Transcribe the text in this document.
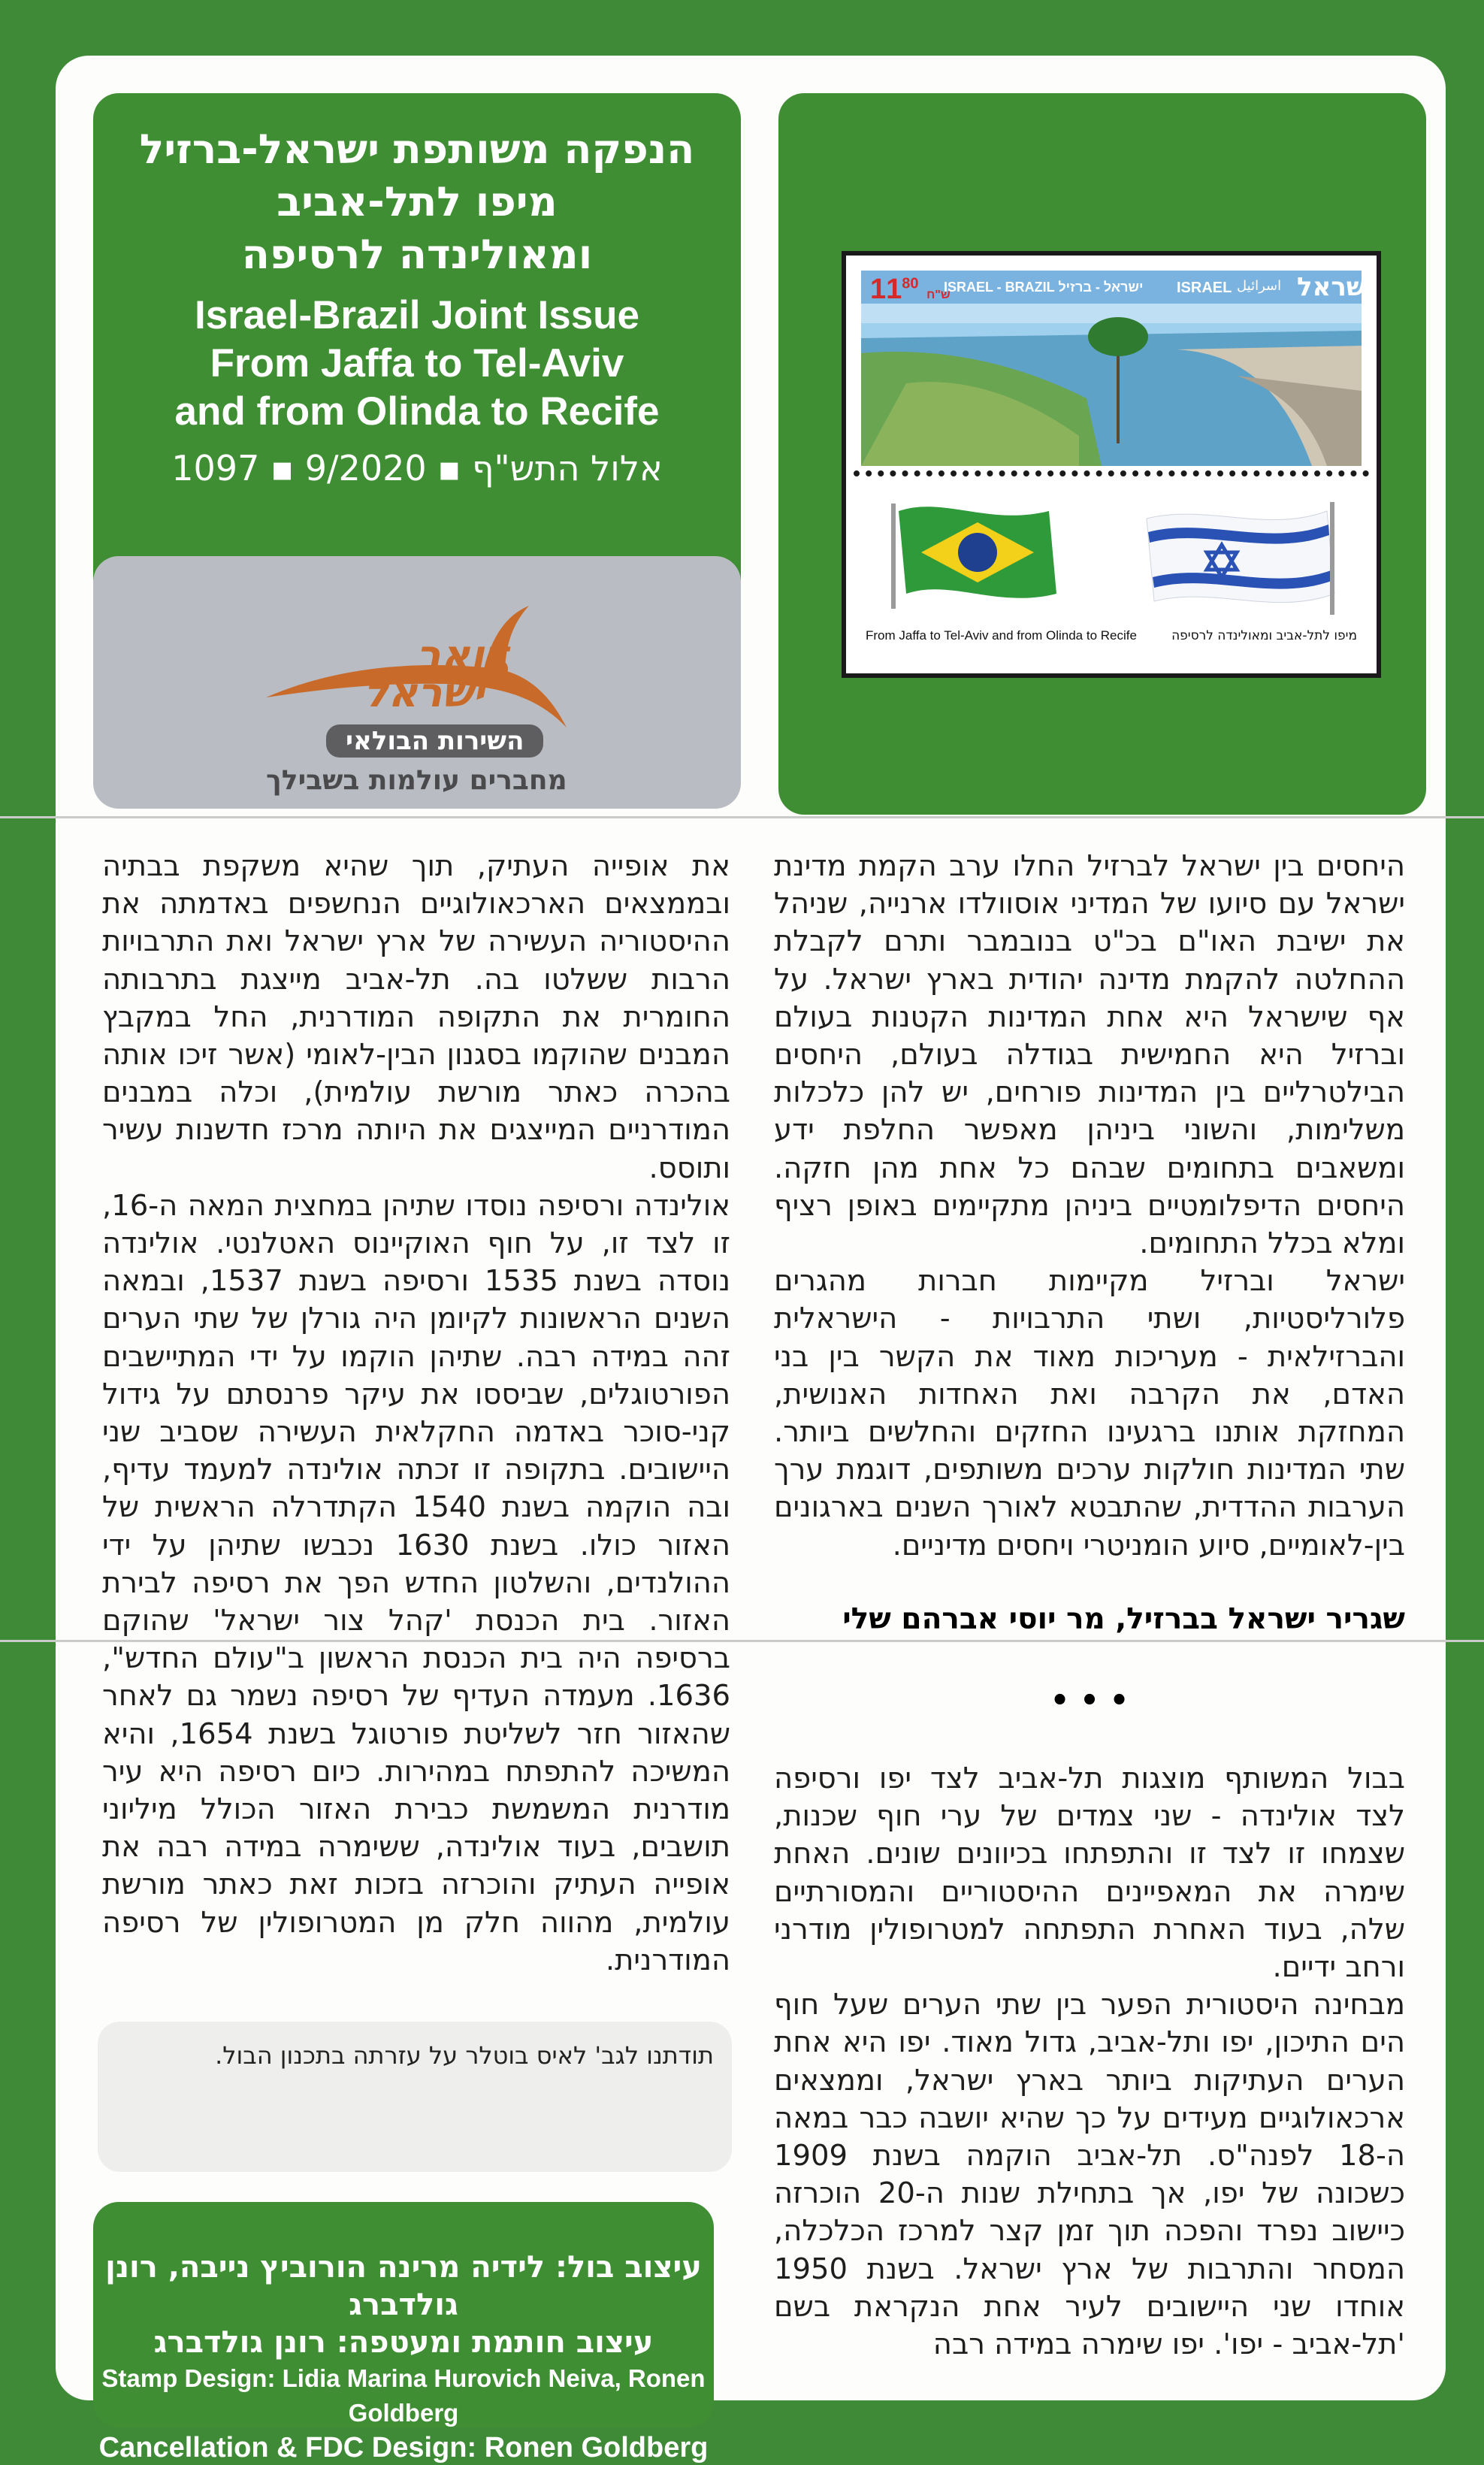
הנפקה משותפת ישראל-ברזיל
מיפו לתל-אביב
ומאולינדה לרסיפה
Israel-Brazil Joint Issue
From Jaffa to Tel-Aviv
and from Olinda to Recife
1097 ▪ 9/2020 ▪ אלול התש"ף
דואר
ישראל
השירות הבולאי
מחברים עולמות בשבילך
$11^{80}$ ש"ח
ISRAEL - BRAZIL ישראל - ברזיל ISRAEL اسرائيل ישראל
From Jaffa to Tel-Aviv and from Olinda to Recife	מיפו לתל-אביב ומאולינדה לרסיפה

היחסים בין ישראל לברזיל החלו ערב הקמת מדינת ישראל עם סיועו של המדיני אוסוולדו ארנייה, שניהל את ישיבת האו"ם בכ"ט בנובמבר ותרם לקבלת ההחלטה להקמת מדינה יהודית בארץ ישראל. על אף שישראל היא אחת המדינות הקטנות בעולם וברזיל היא החמישית בגודלה בעולם, היחסים הבילטרליים בין המדינות פורחים, יש להן כלכלות משלימות, והשוני ביניהן מאפשר החלפת ידע ומשאבים בתחומים שבהם כל אחת מהן חזקה. היחסים הדיפלומטיים ביניהן מתקיימים באופן רציף ומלא בכלל התחומים.

ישראל וברזיל מקיימות חברות מהגרים פלורליסטיות, ושתי התרבויות - הישראלית והברזילאית - מעריכות מאוד את הקשר בין בני האדם, את הקרבה ואת האחדות האנושית, המחזקת אותנו ברגעינו החזקים והחלשים ביותר. שתי המדינות חולקות ערכים משותפים, דוגמת ערך הערבות ההדדית, שהתבטא לאורך השנים בארגונים בין-לאומיים, סיוע הומניטרי ויחסים מדיניים.

שגריר ישראל בברזיל, מר יוסי אברהם שלי
• • •

בבול המשותף מוצגות תל-אביב לצד יפו ורסיפה לצד אולינדה - שני צמדים של ערי חוף שכנות, שצמחו זו לצד זו והתפתחו בכיוונים שונים. האחת שימרה את המאפיינים ההיסטוריים והמסורתיים שלה, בעוד האחרת התפתחה למטרופולין מודרני ורחב ידיים.

מבחינה היסטורית הפער בין שתי הערים שעל חוף הים התיכון, יפו ותל-אביב, גדול מאוד. יפו היא אחת הערים העתיקות ביותר בארץ ישראל, וממצאים ארכאולוגיים מעידים על כך שהיא יושבה כבר במאה ה-18 לפנה"ס. תל-אביב הוקמה בשנת 1909 כשכונה של יפו, אך בתחילת שנות ה-20 הוכרזה כיישוב נפרד והפכה תוך זמן קצר למרכז הכלכלה, המסחר והתרבות של ארץ ישראל. בשנת 1950 אוחדו שני היישובים לעיר אחת הנקראת בשם 'תל-אביב - יפו'. יפו שימרה במידה רבה

את אופייה העתיק, תוך שהיא משקפת בבתיה ובממצאים הארכאולוגיים הנחשפים באדמתה את ההיסטוריה העשירה של ארץ ישראל ואת התרבויות הרבות ששלטו בה. תל-אביב מייצגת בתרבותה החומרית את התקופה המודרנית, החל במקבץ המבנים שהוקמו בסגנון הבין-לאומי (אשר זיכו אותה בהכרה כאתר מורשת עולמית), וכלה במבנים המודרניים המייצגים את היותה מרכז חדשנות עשיר ותוסס.

אולינדה ורסיפה נוסדו שתיהן במחצית המאה ה-16, זו לצד זו, על חוף האוקיינוס האטלנטי. אולינדה נוסדה בשנת 1535 ורסיפה בשנת 1537, ובמאה השנים הראשונות לקיומן היה גורלן של שתי הערים זהה במידה רבה. שתיהן הוקמו על ידי המתיישבים הפורטוגלים, שביססו את עיקר פרנסתם על גידול קני-סוכר באדמה החקלאית העשירה שסביב שני היישובים. בתקופה זו זכתה אולינדה למעמד עדיף, ובה הוקמה בשנת 1540 הקתדרלה הראשית של האזור כולו. בשנת 1630 נכבשו שתיהן על ידי ההולנדים, והשלטון החדש הפך את רסיפה לבירת האזור. בית הכנסת 'קהל צור ישראל' שהוקם ברסיפה היה בית הכנסת הראשון ב"עולם החדש", 1636. מעמדה העדיף של רסיפה נשמר גם לאחר שהאזור חזר לשליטת פורטוגל בשנת 1654, והיא המשיכה להתפתח במהירות. כיום רסיפה היא עיר מודרנית המשמשת כבירת האזור הכולל מיליוני תושבים, בעוד אולינדה, ששימרה במידה רבה את אופייה העתיק והוכרזה בזכות זאת כאתר מורשת עולמית, מהווה חלק מן המטרופולין של רסיפה המודרנית.

תודתנו לגב' לאיס בוטלר על עזרתה בתכנון הבול.
עיצוב בול: לידיה מרינה הורוביץ נייבה, רונן גולדברג
עיצוב חותמת ומעטפה: רונן גולדברג
Stamp Design: Lidia Marina Hurovich Neiva, Ronen Goldberg
Cancellation & FDC Design: Ronen Goldberg
